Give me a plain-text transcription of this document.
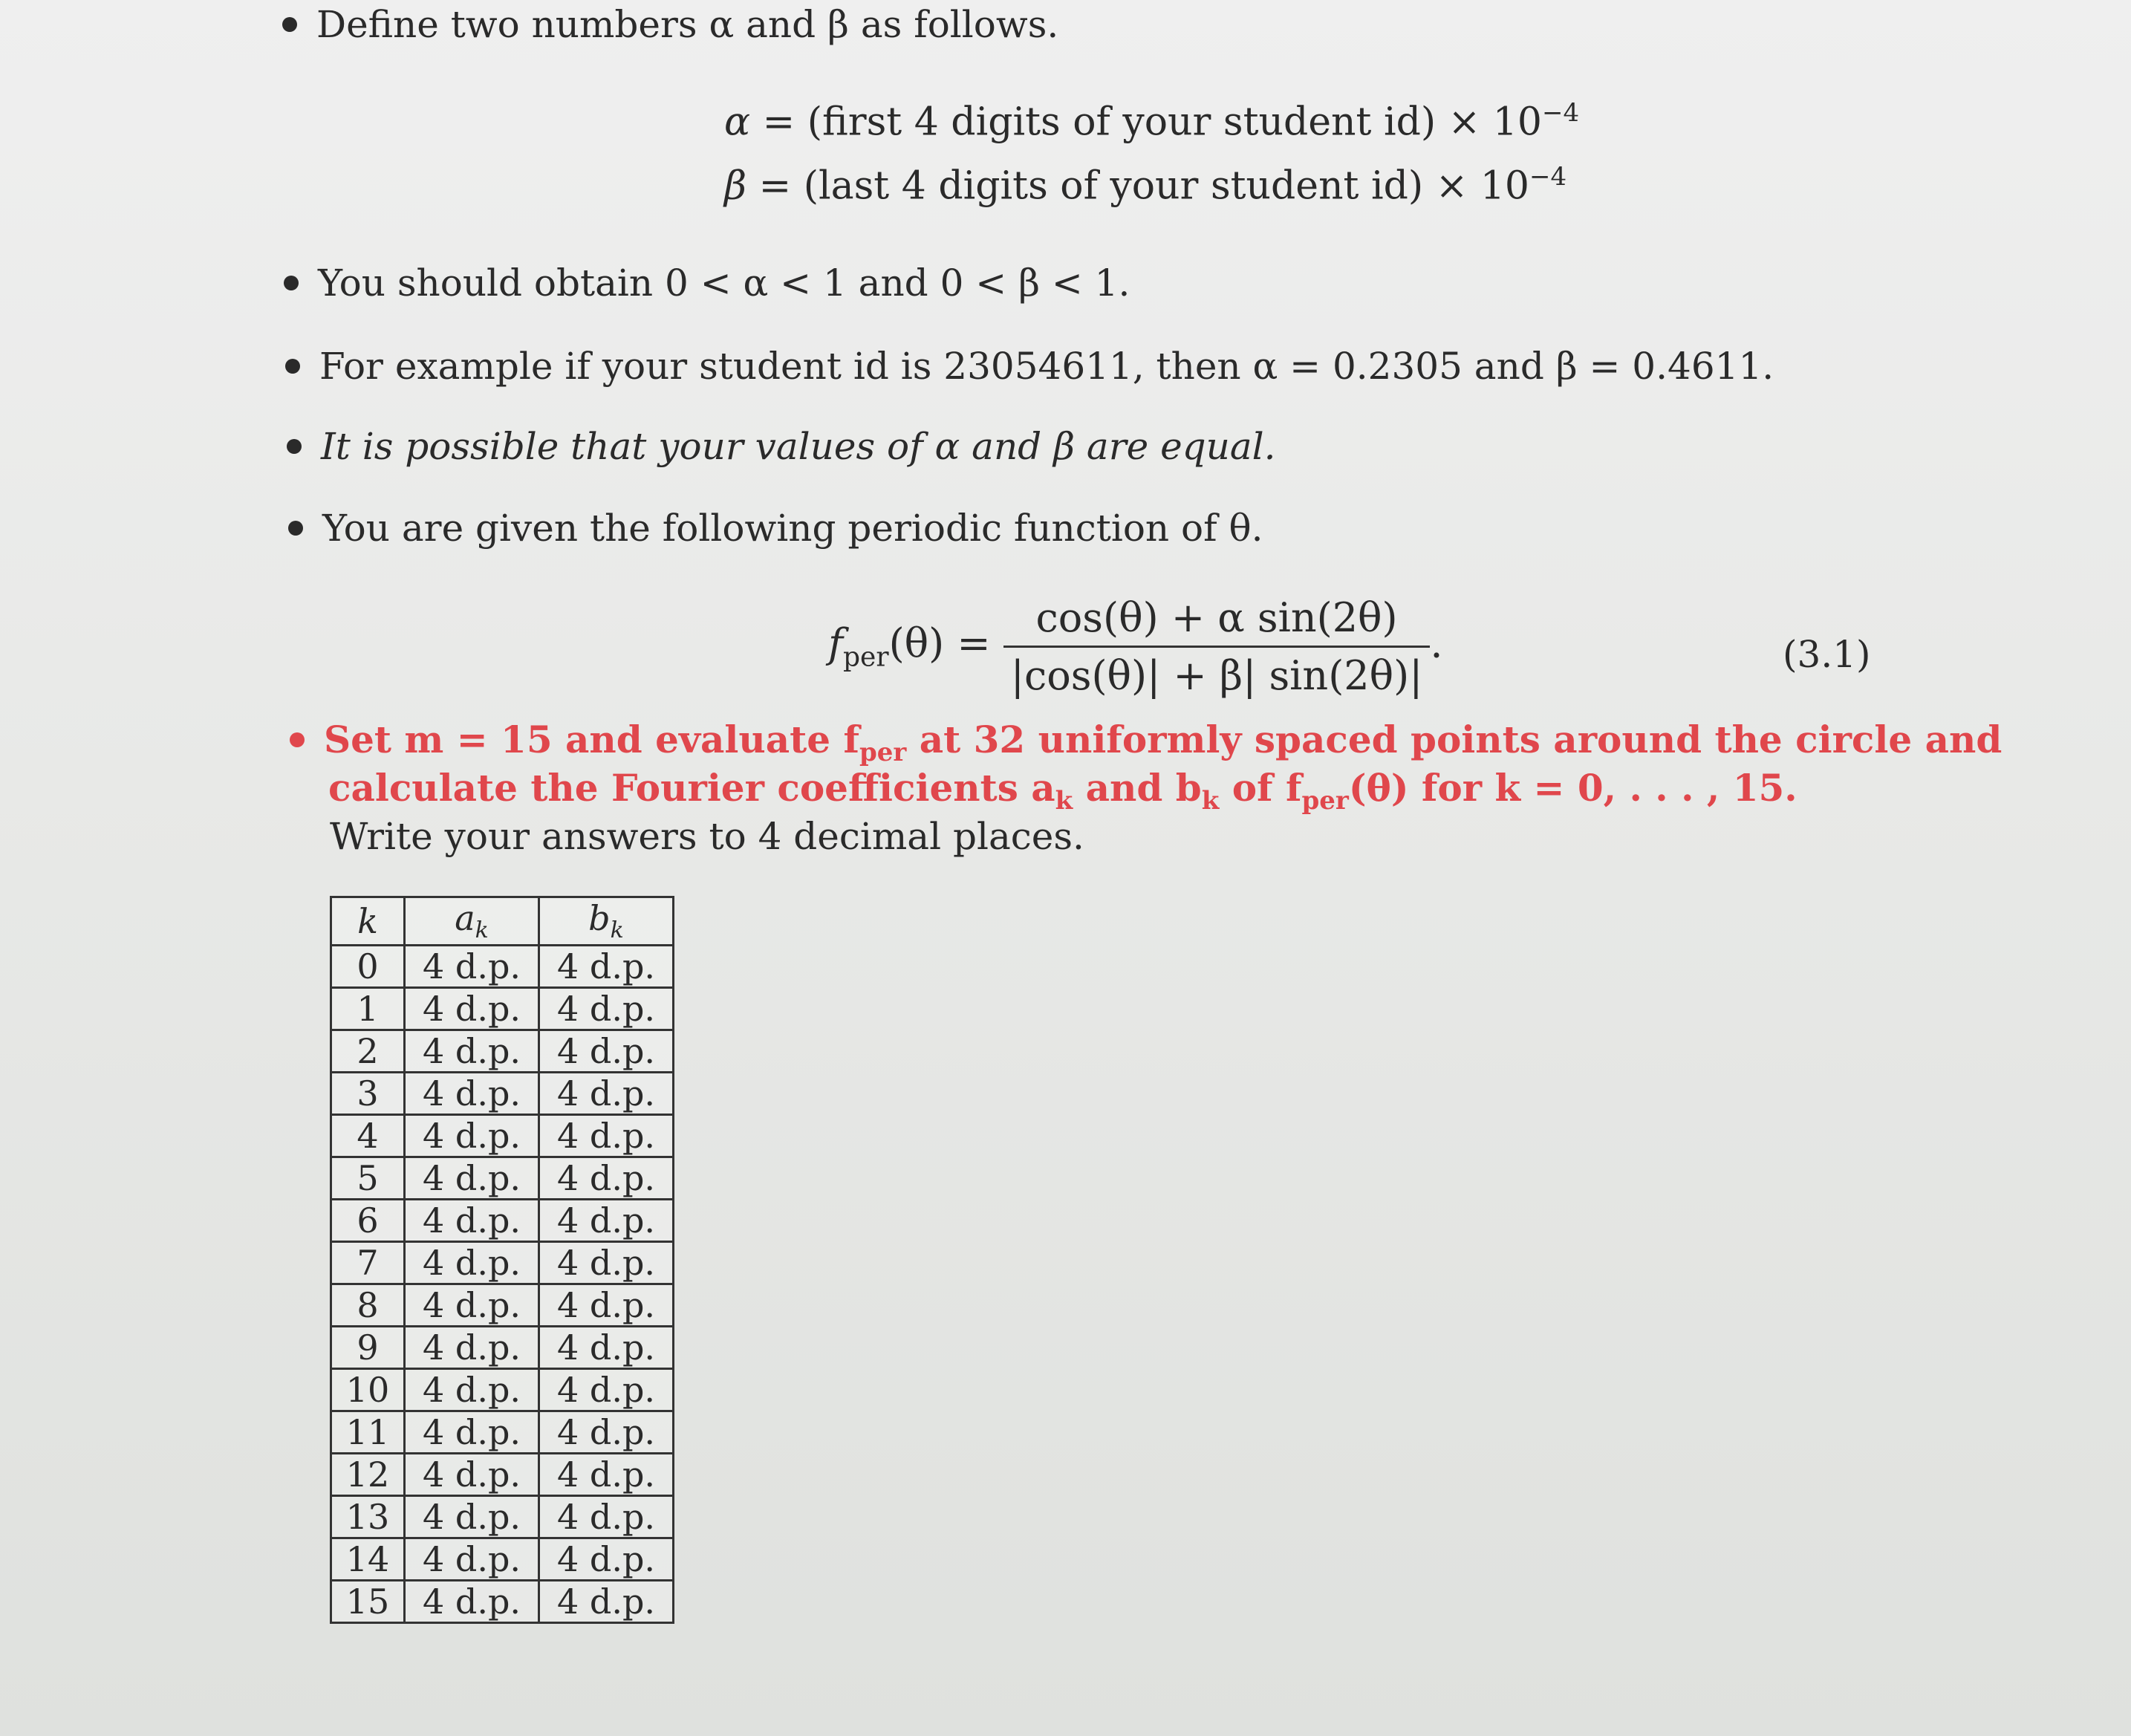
Define two numbers α and β as follows.
α = (first 4 digits of your student $id) \times 10^{-4}$
β = (last 4 digits of your student $id) \times 10^{-4}$
You should obtain 0 < α < 1 and 0 < β < 1.
For example if your student id is 23054611, then α = 0.2305 and β = 0.4611.
It is possible that your values of α and β are equal.
You are given the following periodic function of θ.
$f_{per}(\theta) = \frac{\text{cos(θ) + α sin(2θ)}}{|\cos(\theta)| + \beta| \sin(2\theta)|}$ .	(3.1)
Set m = 15 and evaluate $f_{per}$ at 32 uniformly spaced points around the circle and
calculate the Fourier coefficients $a_k$ and $b_k$ of $f_{per}(\theta)$ for k = 0, . . . , 15.
Write your answers to 4 decimal places.
k	$a_k$	$b_k$
0	4 d.p.	4 d.p.
1	4 d.p.	4 d.p.
2	4 d.p.	4 d.p.
3	4 d.p.	4 d.p.
4	4 d.p.	4 d.p.
5	4 d.p.	4 d.p.
6	4 d.p.	4 d.p.
7	4 d.p.	4 d.p.
8	4 d.p.	4 d.p.
9	4 d.p.	4 d.p.
10	4 d.p.	4 d.p.
11	4 d.p.	4 d.p.
12	4 d.p.	4 d.p.
13	4 d.p.	4 d.p.
14	4 d.p.	4 d.p.
15	4 d.p.	4 d.p.
